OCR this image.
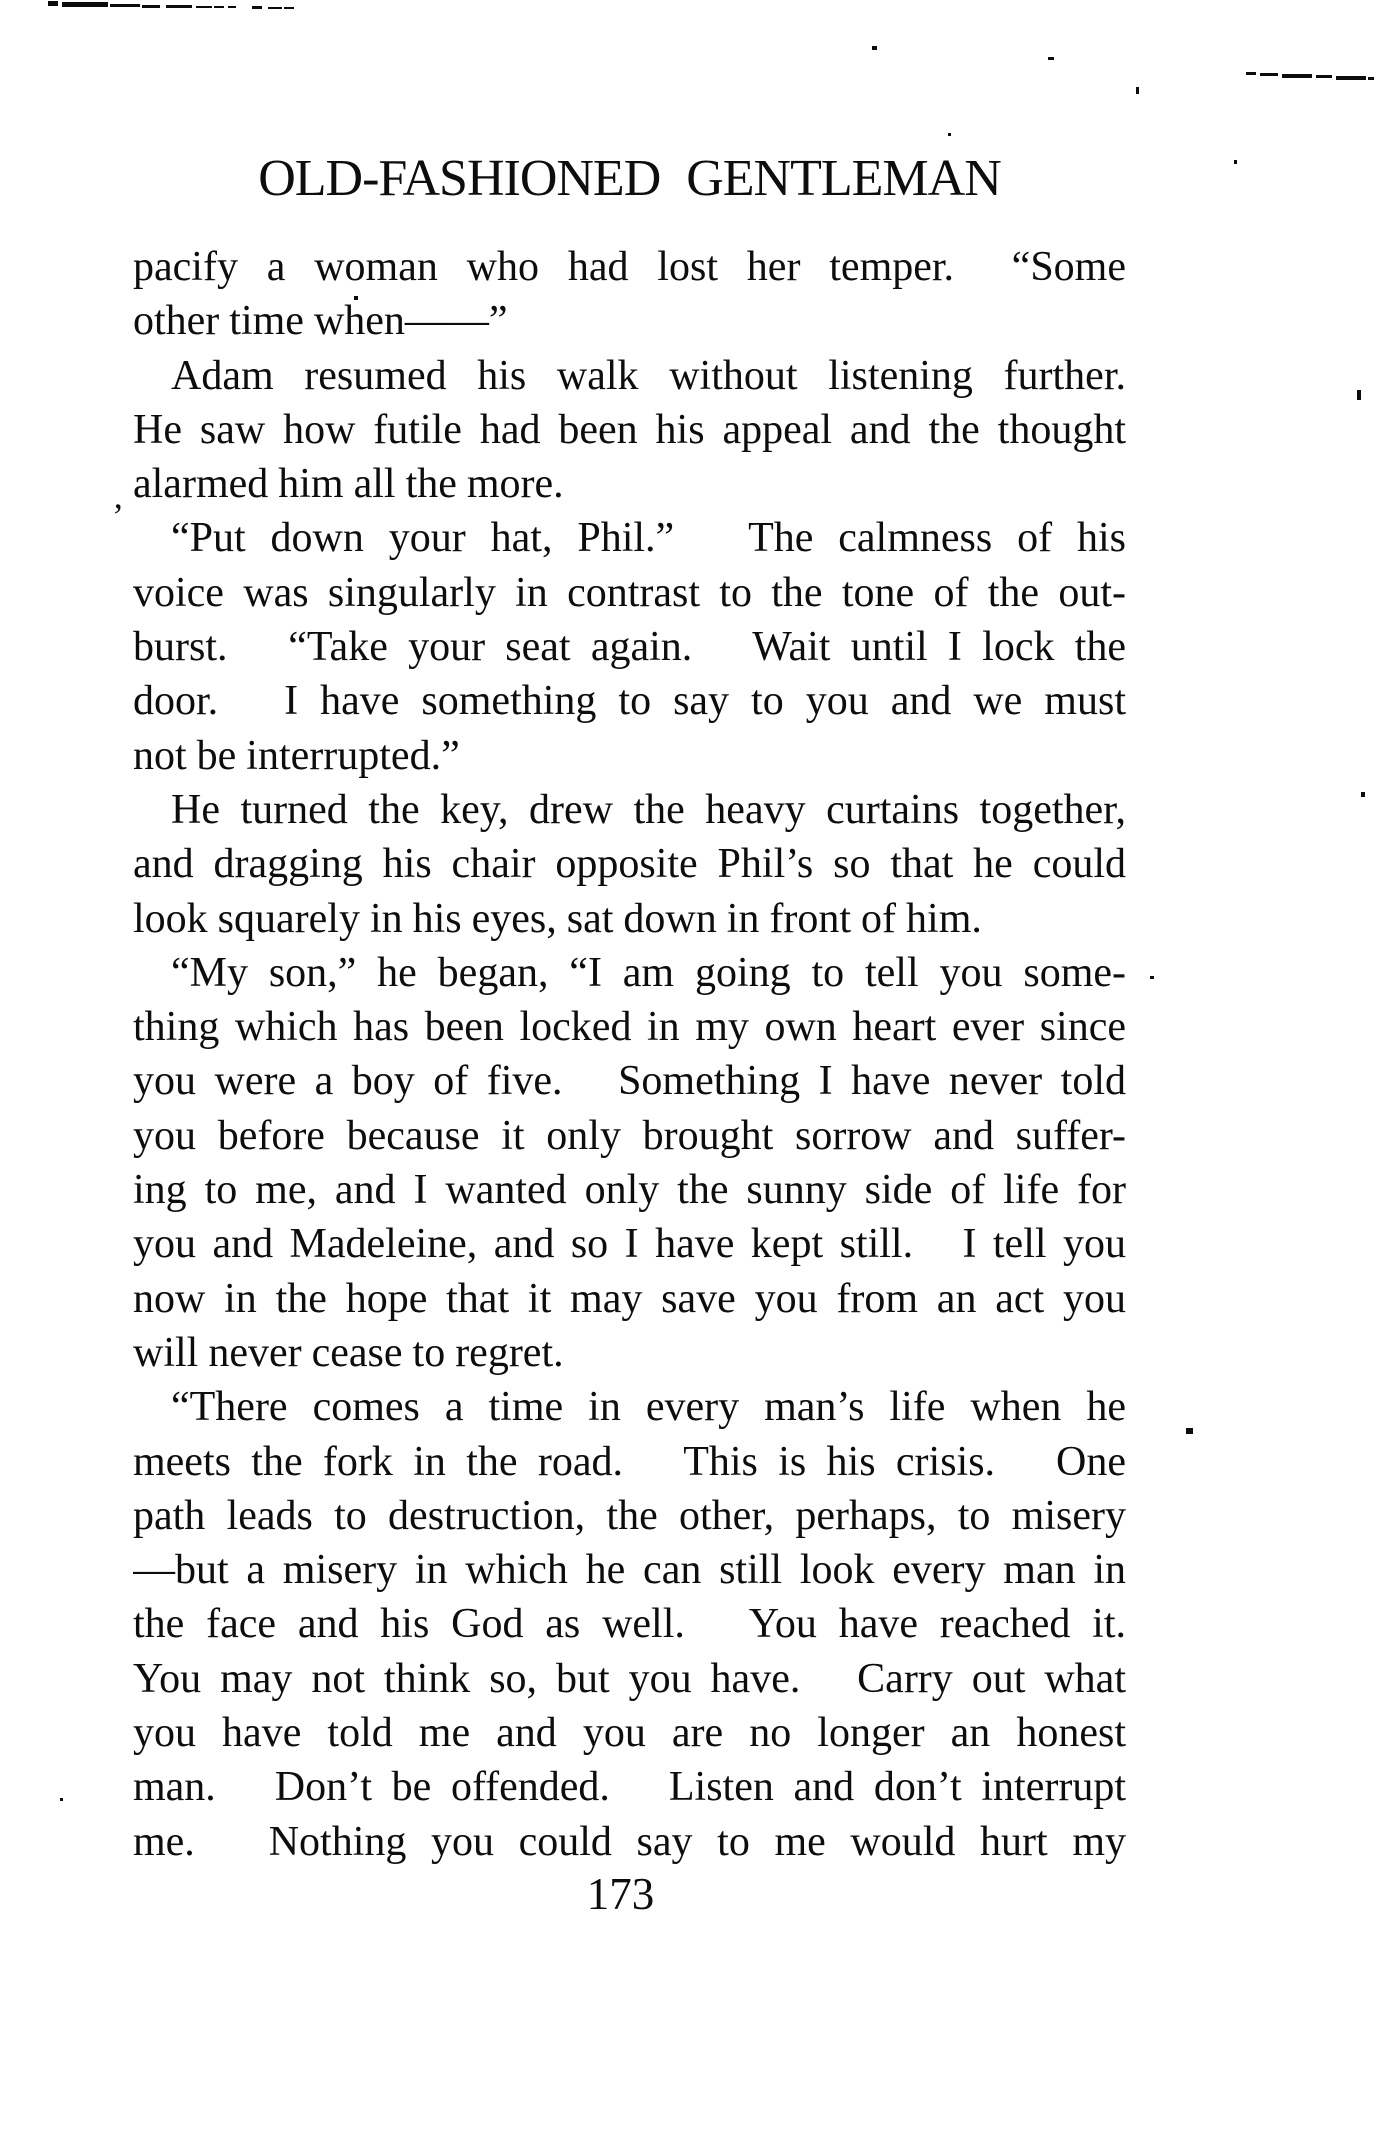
’
OLD-FASHIONED GENTLEMAN
pacify a woman who had lost her temper.  “Some
other time when——”
Adam resumed his walk without listening further.
He saw how futile had been his appeal and the thought
alarmed him all the more.
“Put down your hat, Phil.”   The calmness of his
voice was singularly in contrast to the tone of the out-
burst.   “Take your seat again.   Wait until I lock the
door.   I have something to say to you and we must
not be interrupted.”
He turned the key, drew the heavy curtains together,
and dragging his chair opposite Phil’s so that he could
look squarely in his eyes, sat down in front of him.
“My son,” he began, “I am going to tell you some-
thing which has been locked in my own heart ever since
you were a boy of five.   Something I have never told
you before because it only brought sorrow and suffer-
ing to me, and I wanted only the sunny side of life for
you and Madeleine, and so I have kept still.   I tell you
now in the hope that it may save you from an act you
will never cease to regret.
“There comes a time in every man’s life when he
meets the fork in the road.   This is his crisis.   One
path leads to destruction, the other, perhaps, to misery
—but a misery in which he can still look every man in
the face and his God as well.   You have reached it.
You may not think so, but you have.   Carry out what
you have told me and you are no longer an honest
man.   Don’t be offended.   Listen and don’t interrupt
me.   Nothing you could say to me would hurt my
173
